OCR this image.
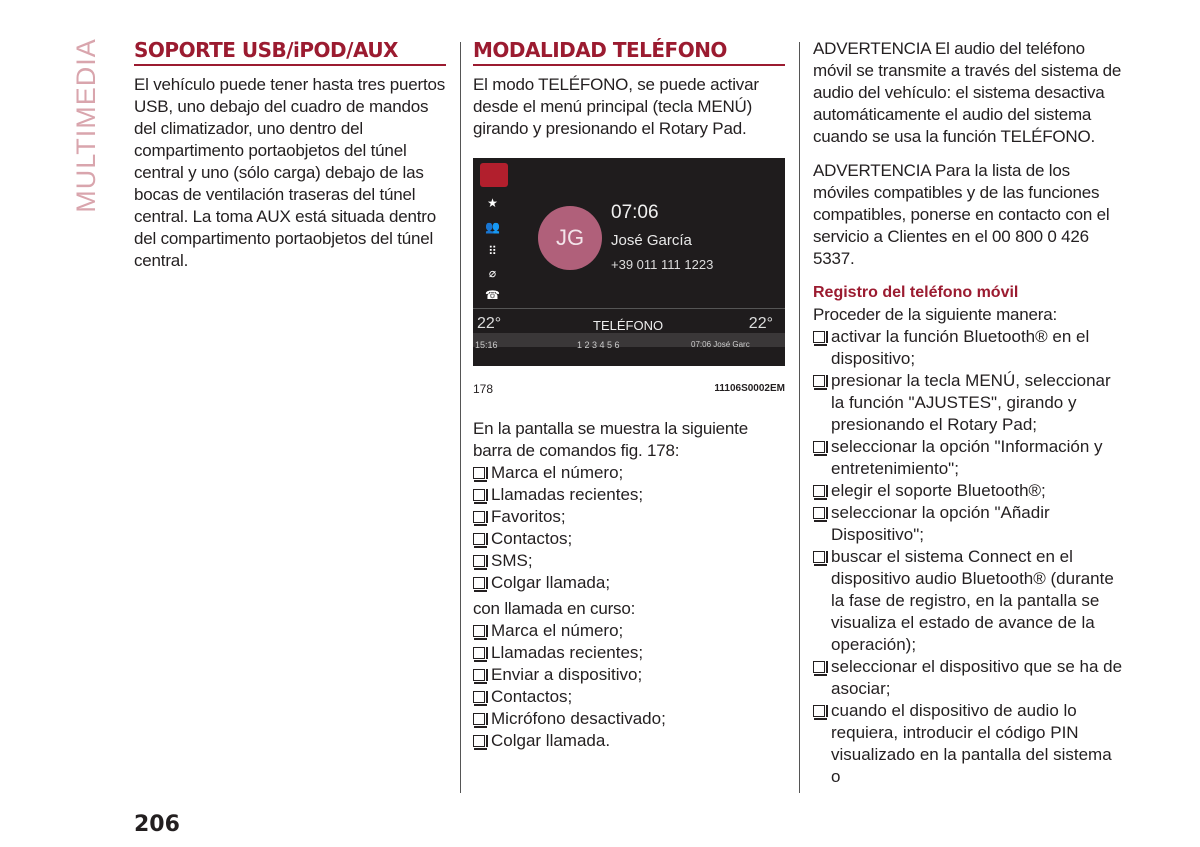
MULTIMEDIA SOPORTE USB/iPOD/AUX
El vehículo puede tener hasta tres puertos USB, uno debajo del cuadro de mandos del climatizador, uno dentro del compartimento portaobjetos del túnel central y uno (sólo carga) debajo de las bocas de ventilación traseras del túnel central. La toma AUX está situada dentro del compartimento portaobjetos del túnel central.
MODALIDAD TELÉFONO
El modo TELÉFONO, se puede activar desde el menú principal (tecla MENÚ) girando y presionando el Rotary Pad.
★
👥
⠿
⌀
☎
JG
07:06
José García
+39 011 111 1223
22°	TELÉFONO	22°
15:16	1 2 3 4 5 6	07:06 José Garc
178	11106S0002EM
En la pantalla se muestra la siguiente barra de comandos fig. 178:
Marca el número;
Llamadas recientes;
Favoritos;
Contactos;
SMS;
Colgar llamada;
con llamada en curso:
Marca el número;
Llamadas recientes;
Enviar a dispositivo;
Contactos;
Micrófono desactivado;
Colgar llamada.
ADVERTENCIA El audio del teléfono móvil se transmite a través del sistema de audio del vehículo: el sistema desactiva automáticamente el audio del sistema cuando se usa la función TELÉFONO.
ADVERTENCIA Para la lista de los móviles compatibles y de las funciones compatibles, ponerse en contacto con el servicio a Clientes en el 00 800 0 426 5337.
Registro del teléfono móvil
Proceder de la siguiente manera:
activar la función Bluetooth® en el dispositivo;
presionar la tecla MENÚ, seleccionar la función "AJUSTES", girando y presionando el Rotary Pad;
seleccionar la opción "Información y entretenimiento";
elegir el soporte Bluetooth®;
seleccionar la opción "Añadir Dispositivo";
buscar el sistema Connect en el dispositivo audio Bluetooth® (durante la fase de registro, en la pantalla se visualiza el estado de avance de la operación);
seleccionar el dispositivo que se ha de asociar;
cuando el dispositivo de audio lo requiera, introducir el código PIN visualizado en la pantalla del sistema o
206
